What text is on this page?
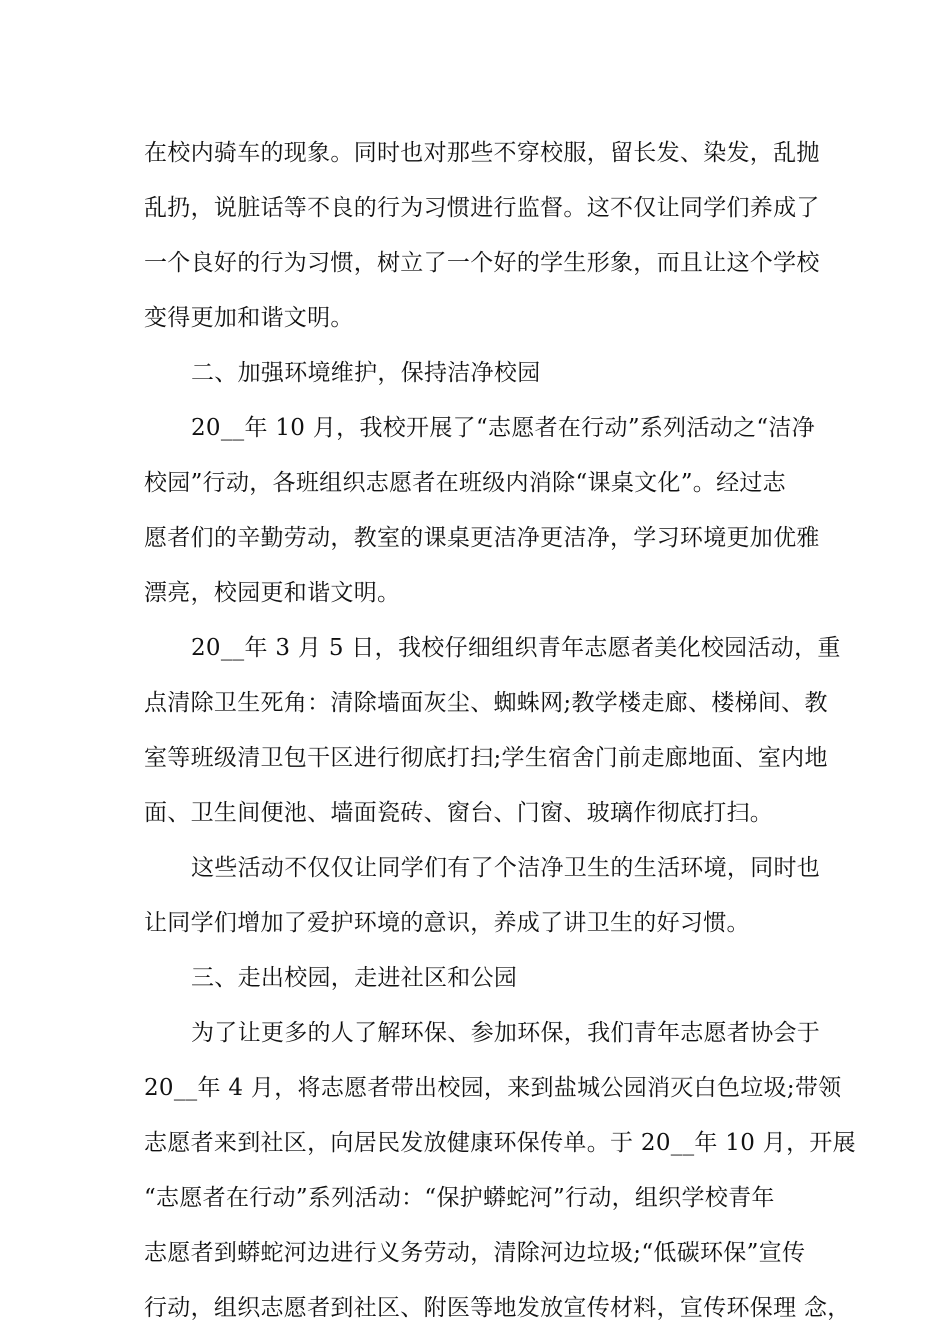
在校内骑车的现象。同时也对那些不穿校服，留长发、染发，乱抛
乱扔，说脏话等不良的行为习惯进行监督。这不仅让同学们养成了
一个良好的行为习惯，树立了一个好的学生形象，而且让这个学校
变得更加和谐文明。
二、加强环境维护，保持洁净校园
20__年 10 月，我校开展了“志愿者在行动”系列活动之“洁净
校园”行动，各班组织志愿者在班级内消除“课桌文化”。经过志
愿者们的辛勤劳动，教室的课桌更洁净更洁净，学习环境更加优雅
漂亮，校园更和谐文明。
20__年 3 月 5 日，我校仔细组织青年志愿者美化校园活动，重
点清除卫生死角：清除墙面灰尘、蜘蛛网;教学楼走廊、楼梯间、教
室等班级清卫包干区进行彻底打扫;学生宿舍门前走廊地面、室内地
面、卫生间便池、墙面瓷砖、窗台、门窗、玻璃作彻底打扫。
这些活动不仅仅让同学们有了个洁净卫生的生活环境，同时也
让同学们增加了爱护环境的意识，养成了讲卫生的好习惯。
三、走出校园，走进社区和公园
为了让更多的人了解环保、参加环保，我们青年志愿者协会于
20__年 4 月，将志愿者带出校园，来到盐城公园消灭白色垃圾;带领
志愿者来到社区，向居民发放健康环保传单。于 20__年 10 月，开展
“志愿者在行动”系列活动：“保护蟒蛇河”行动，组织学校青年
志愿者到蟒蛇河边进行义务劳动，清除河边垃圾;“低碳环保”宣传
行动，组织志愿者到社区、附医等地发放宣传材料，宣传环保理 念，
